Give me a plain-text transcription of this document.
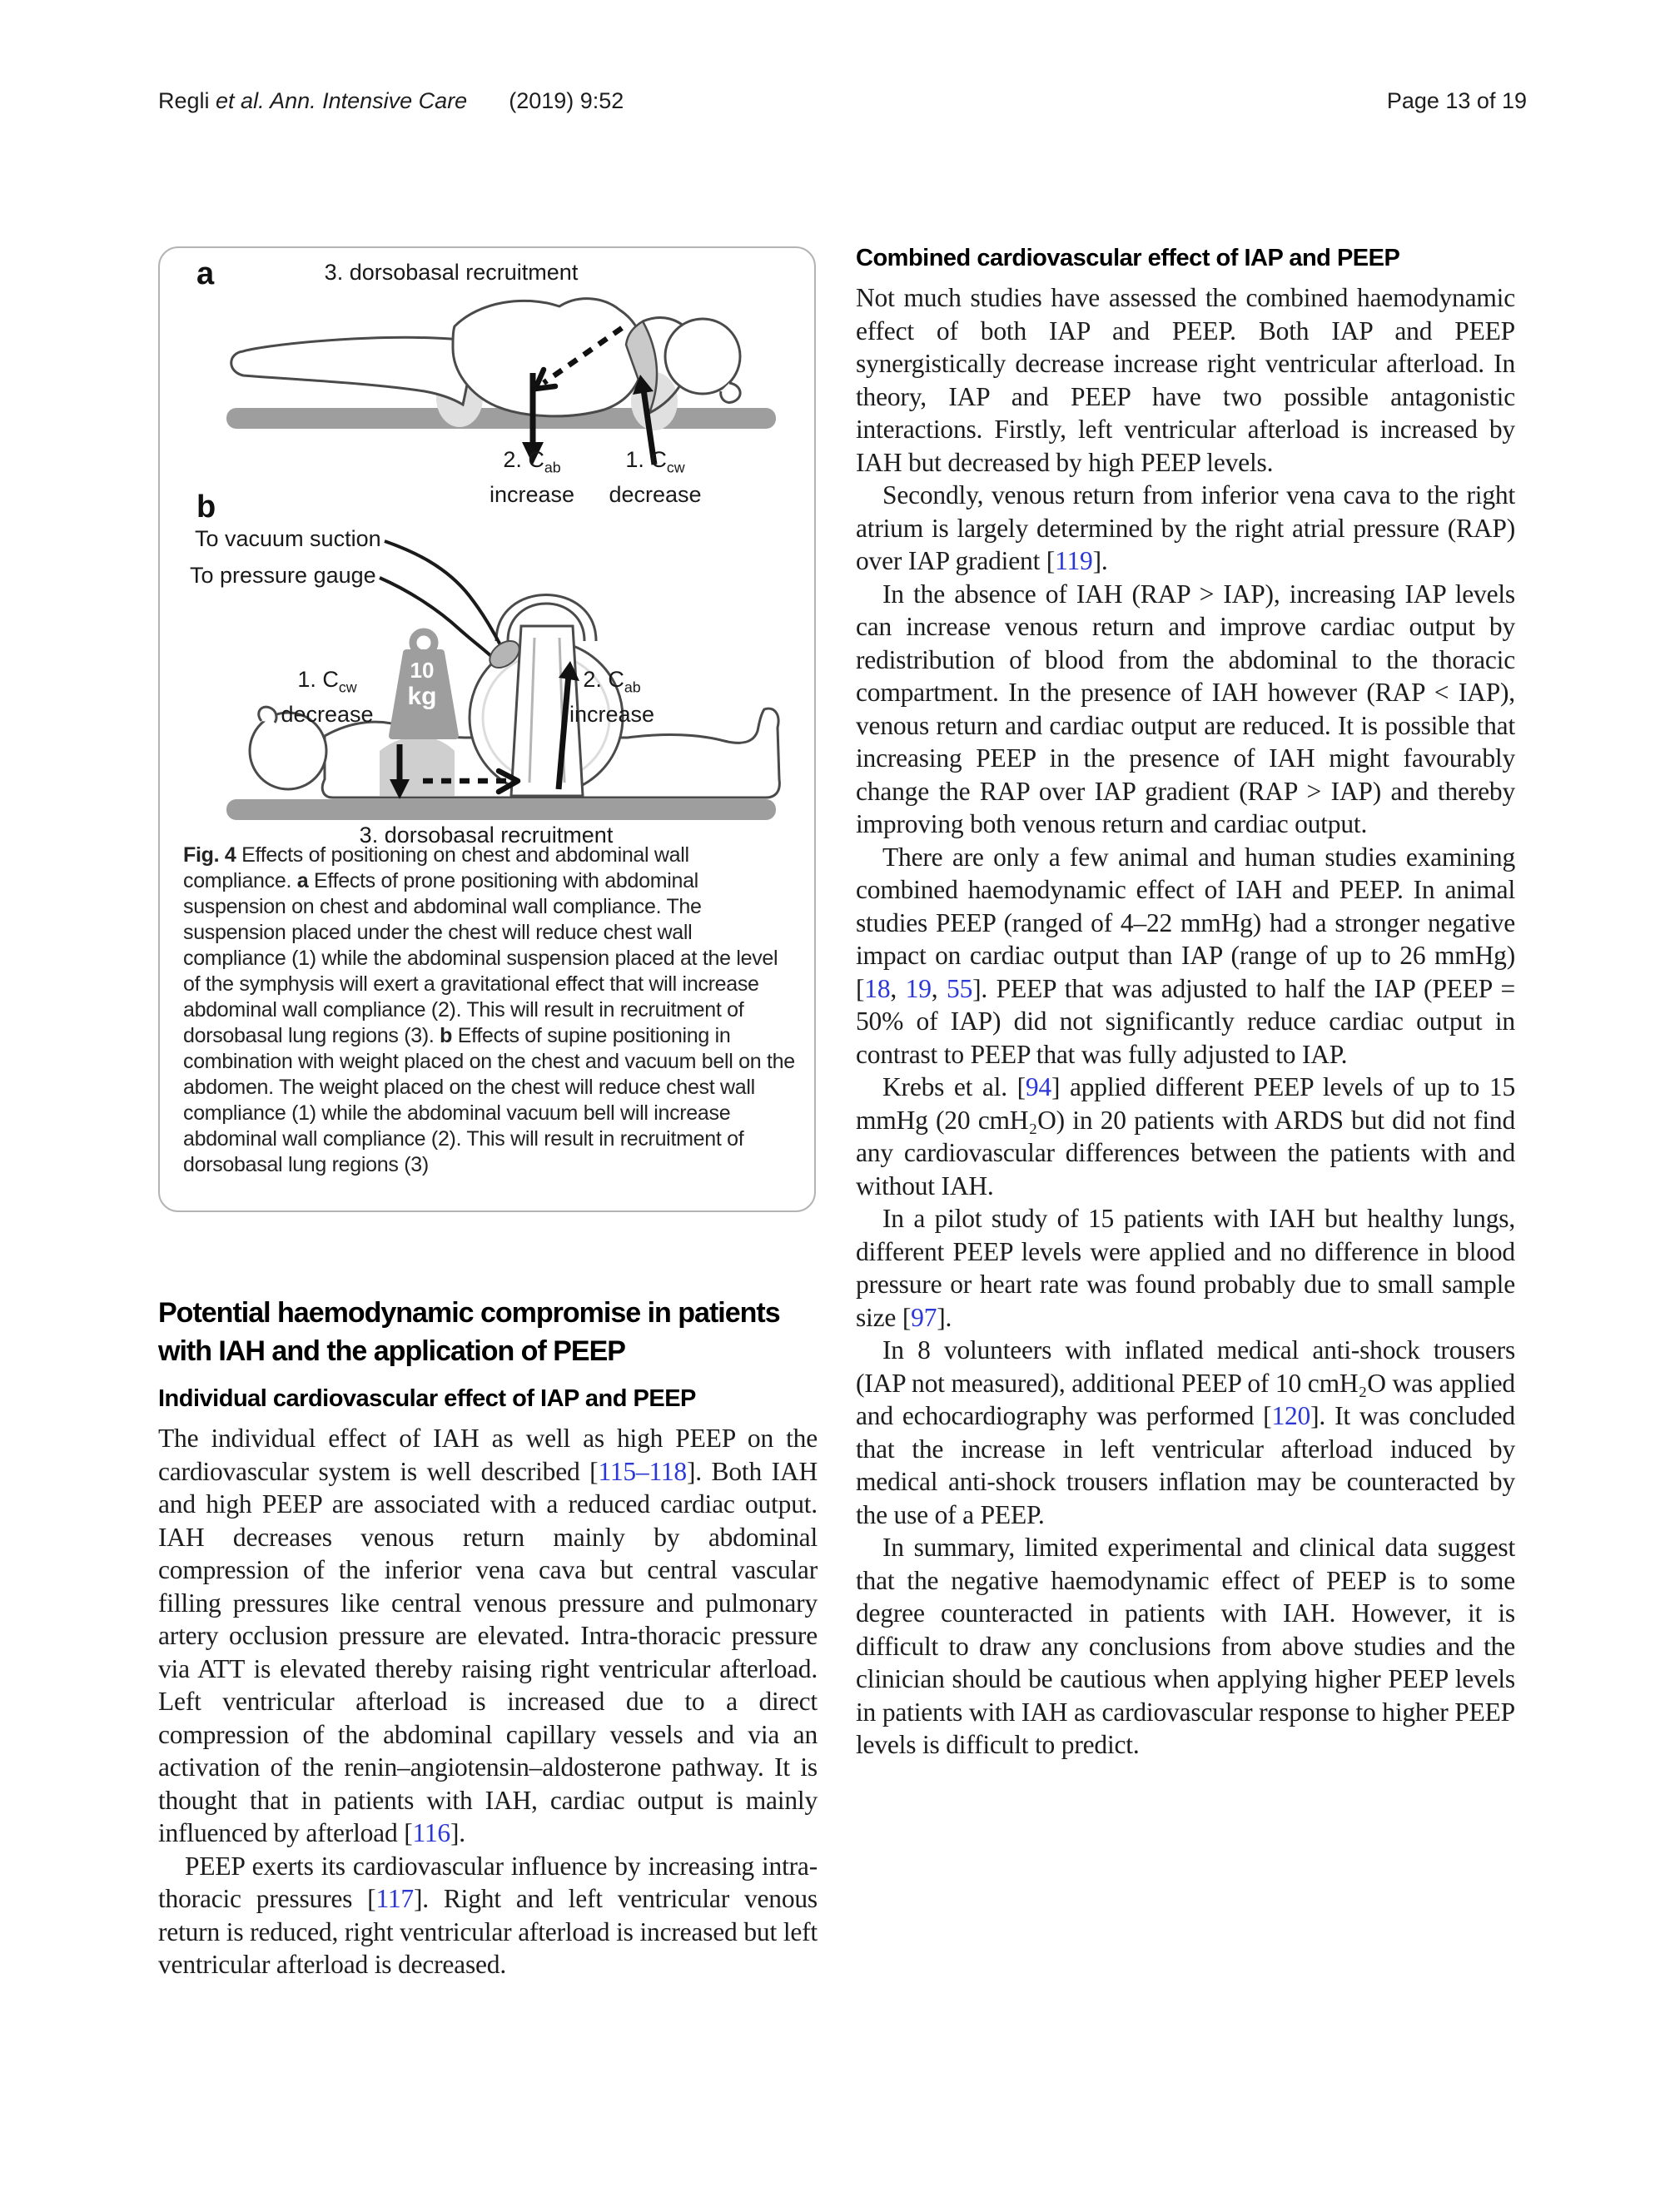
Regli et al. Ann. Intensive Care (2019) 9:52	Page 13 of 19
a	3. dorsobasal recruitment
2. $C_{ab}$
increase
1. $C_{cw}$
decrease
b
To vacuum suction
To pressure gauge
1. $C_{cw}$
decrease
2. $C_{ab}$
increase
10
kg
3. dorsobasal recruitment
Fig. 4 Effects of positioning on chest and abdominal wall compliance. a Effects of prone positioning with abdominal suspension on chest and abdominal wall compliance. The suspension placed under the chest will reduce chest wall compliance (1) while the abdominal suspension placed at the level of the symphysis will exert a gravitational effect that will increase abdominal wall compliance (2). This will result in recruitment of dorsobasal lung regions (3). b Effects of supine positioning in combination with weight placed on the chest and vacuum bell on the abdomen. The weight placed on the chest will reduce chest wall compliance (1) while the abdominal vacuum bell will increase abdominal wall compliance (2). This will result in recruitment of dorsobasal lung regions (3)
Potential haemodynamic compromise in patients with IAH and the application of PEEP
Individual cardiovascular effect of IAP and PEEP

The individual effect of IAH as well as high PEEP on the cardiovascular system is well described [115–118]. Both IAH and high PEEP are associated with a reduced cardiac output. IAH decreases venous return mainly by abdominal compression of the inferior vena cava but central vascular filling pressures like central venous pressure and pulmonary artery occlusion pressure are elevated. Intra-thoracic pressure via ATT is elevated thereby raising right ventricular afterload. Left ventricular afterload is increased due to a direct compression of the abdominal capillary vessels and via an activation of the renin–angiotensin–aldosterone pathway. It is thought that in patients with IAH, cardiac output is mainly influenced by afterload [116].

PEEP exerts its cardiovascular influence by increasing intra-thoracic pressures [117]. Right and left ventricular venous return is reduced, right ventricular afterload is increased but left ventricular afterload is decreased.

Combined cardiovascular effect of IAP and PEEP

Not much studies have assessed the combined haemodynamic effect of both IAP and PEEP. Both IAP and PEEP synergistically decrease increase right ventricular afterload. In theory, IAP and PEEP have two possible antagonistic interactions. Firstly, left ventricular afterload is increased by IAH but decreased by high PEEP levels.

Secondly, venous return from inferior vena cava to the right atrium is largely determined by the right atrial pressure (RAP) over IAP gradient [119].

In the absence of IAH (RAP > IAP), increasing IAP levels can increase venous return and improve cardiac output by redistribution of blood from the abdominal to the thoracic compartment. In the presence of IAH however (RAP < IAP), venous return and cardiac output are reduced. It is possible that increasing PEEP in the presence of IAH might favourably change the RAP over IAP gradient (RAP > IAP) and thereby improving both venous return and cardiac output.

There are only a few animal and human studies examining combined haemodynamic effect of IAH and PEEP. In animal studies PEEP (ranged of 4–22 mmHg) had a stronger negative impact on cardiac output than IAP (range of up to 26 mmHg) [18, 19, 55]. PEEP that was adjusted to half the IAP (PEEP = 50% of IAP) did not significantly reduce cardiac output in contrast to PEEP that was fully adjusted to IAP.

Krebs et al. [94] applied different PEEP levels of up to 15 mmHg (20 cmH₂O) in 20 patients with ARDS but did not find any cardiovascular differences between the patients with and without IAH.

In a pilot study of 15 patients with IAH but healthy lungs, different PEEP levels were applied and no difference in blood pressure or heart rate was found probably due to small sample size [97].

In 8 volunteers with inflated medical anti-shock trousers (IAP not measured), additional PEEP of 10 cmH₂O was applied and echocardiography was performed [120]. It was concluded that the increase in left ventricular afterload induced by medical anti-shock trousers inflation may be counteracted by the use of a PEEP.

In summary, limited experimental and clinical data suggest that the negative haemodynamic effect of PEEP is to some degree counteracted in patients with IAH. However, it is difficult to draw any conclusions from above studies and the clinician should be cautious when applying higher PEEP levels in patients with IAH as cardiovascular response to higher PEEP levels is difficult to predict.
